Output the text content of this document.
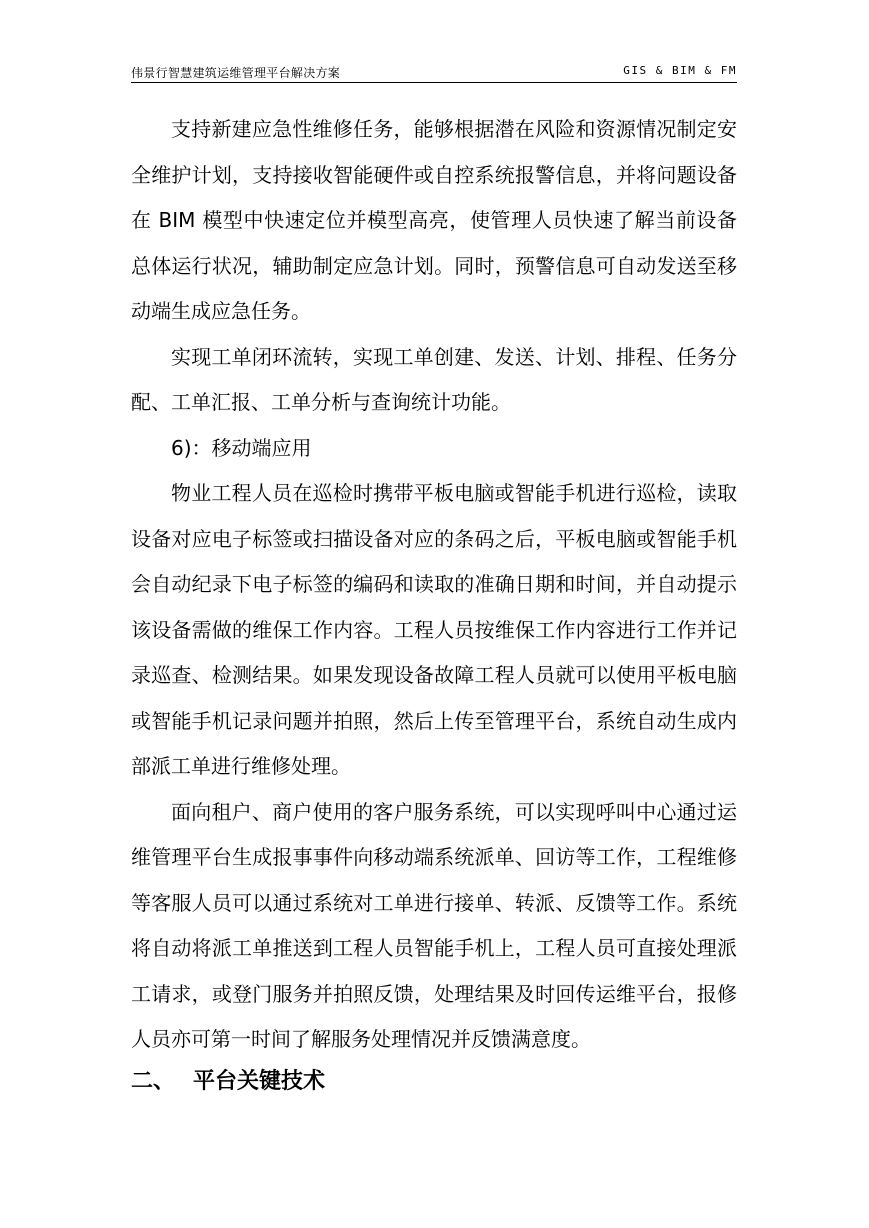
伟景行智慧建筑运维管理平台解决方案	GIS & BIM & FM

支持新建应急性维修任务，能够根据潜在风险和资源情况制定安全维护计划，支持接收智能硬件或自控系统报警信息，并将问题设备在 BIM 模型中快速定位并模型高亮，使管理人员快速了解当前设备总体运行状况，辅助制定应急计划。同时，预警信息可自动发送至移动端生成应急任务。

实现工单闭环流转，实现工单创建、发送、计划、排程、任务分配、工单汇报、工单分析与查询统计功能。

6)：移动端应用

物业工程人员在巡检时携带平板电脑或智能手机进行巡检，读取设备对应电子标签或扫描设备对应的条码之后，平板电脑或智能手机会自动纪录下电子标签的编码和读取的准确日期和时间，并自动提示该设备需做的维保工作内容。工程人员按维保工作内容进行工作并记录巡查、检测结果。如果发现设备故障工程人员就可以使用平板电脑或智能手机记录问题并拍照，然后上传至管理平台，系统自动生成内部派工单进行维修处理。

面向租户、商户使用的客户服务系统，可以实现呼叫中心通过运维管理平台生成报事事件向移动端系统派单、回访等工作，工程维修等客服人员可以通过系统对工单进行接单、转派、反馈等工作。系统将自动将派工单推送到工程人员智能手机上，工程人员可直接处理派工请求，或登门服务并拍照反馈，处理结果及时回传运维平台，报修人员亦可第一时间了解服务处理情况并反馈满意度。

二、 平台关键技术
